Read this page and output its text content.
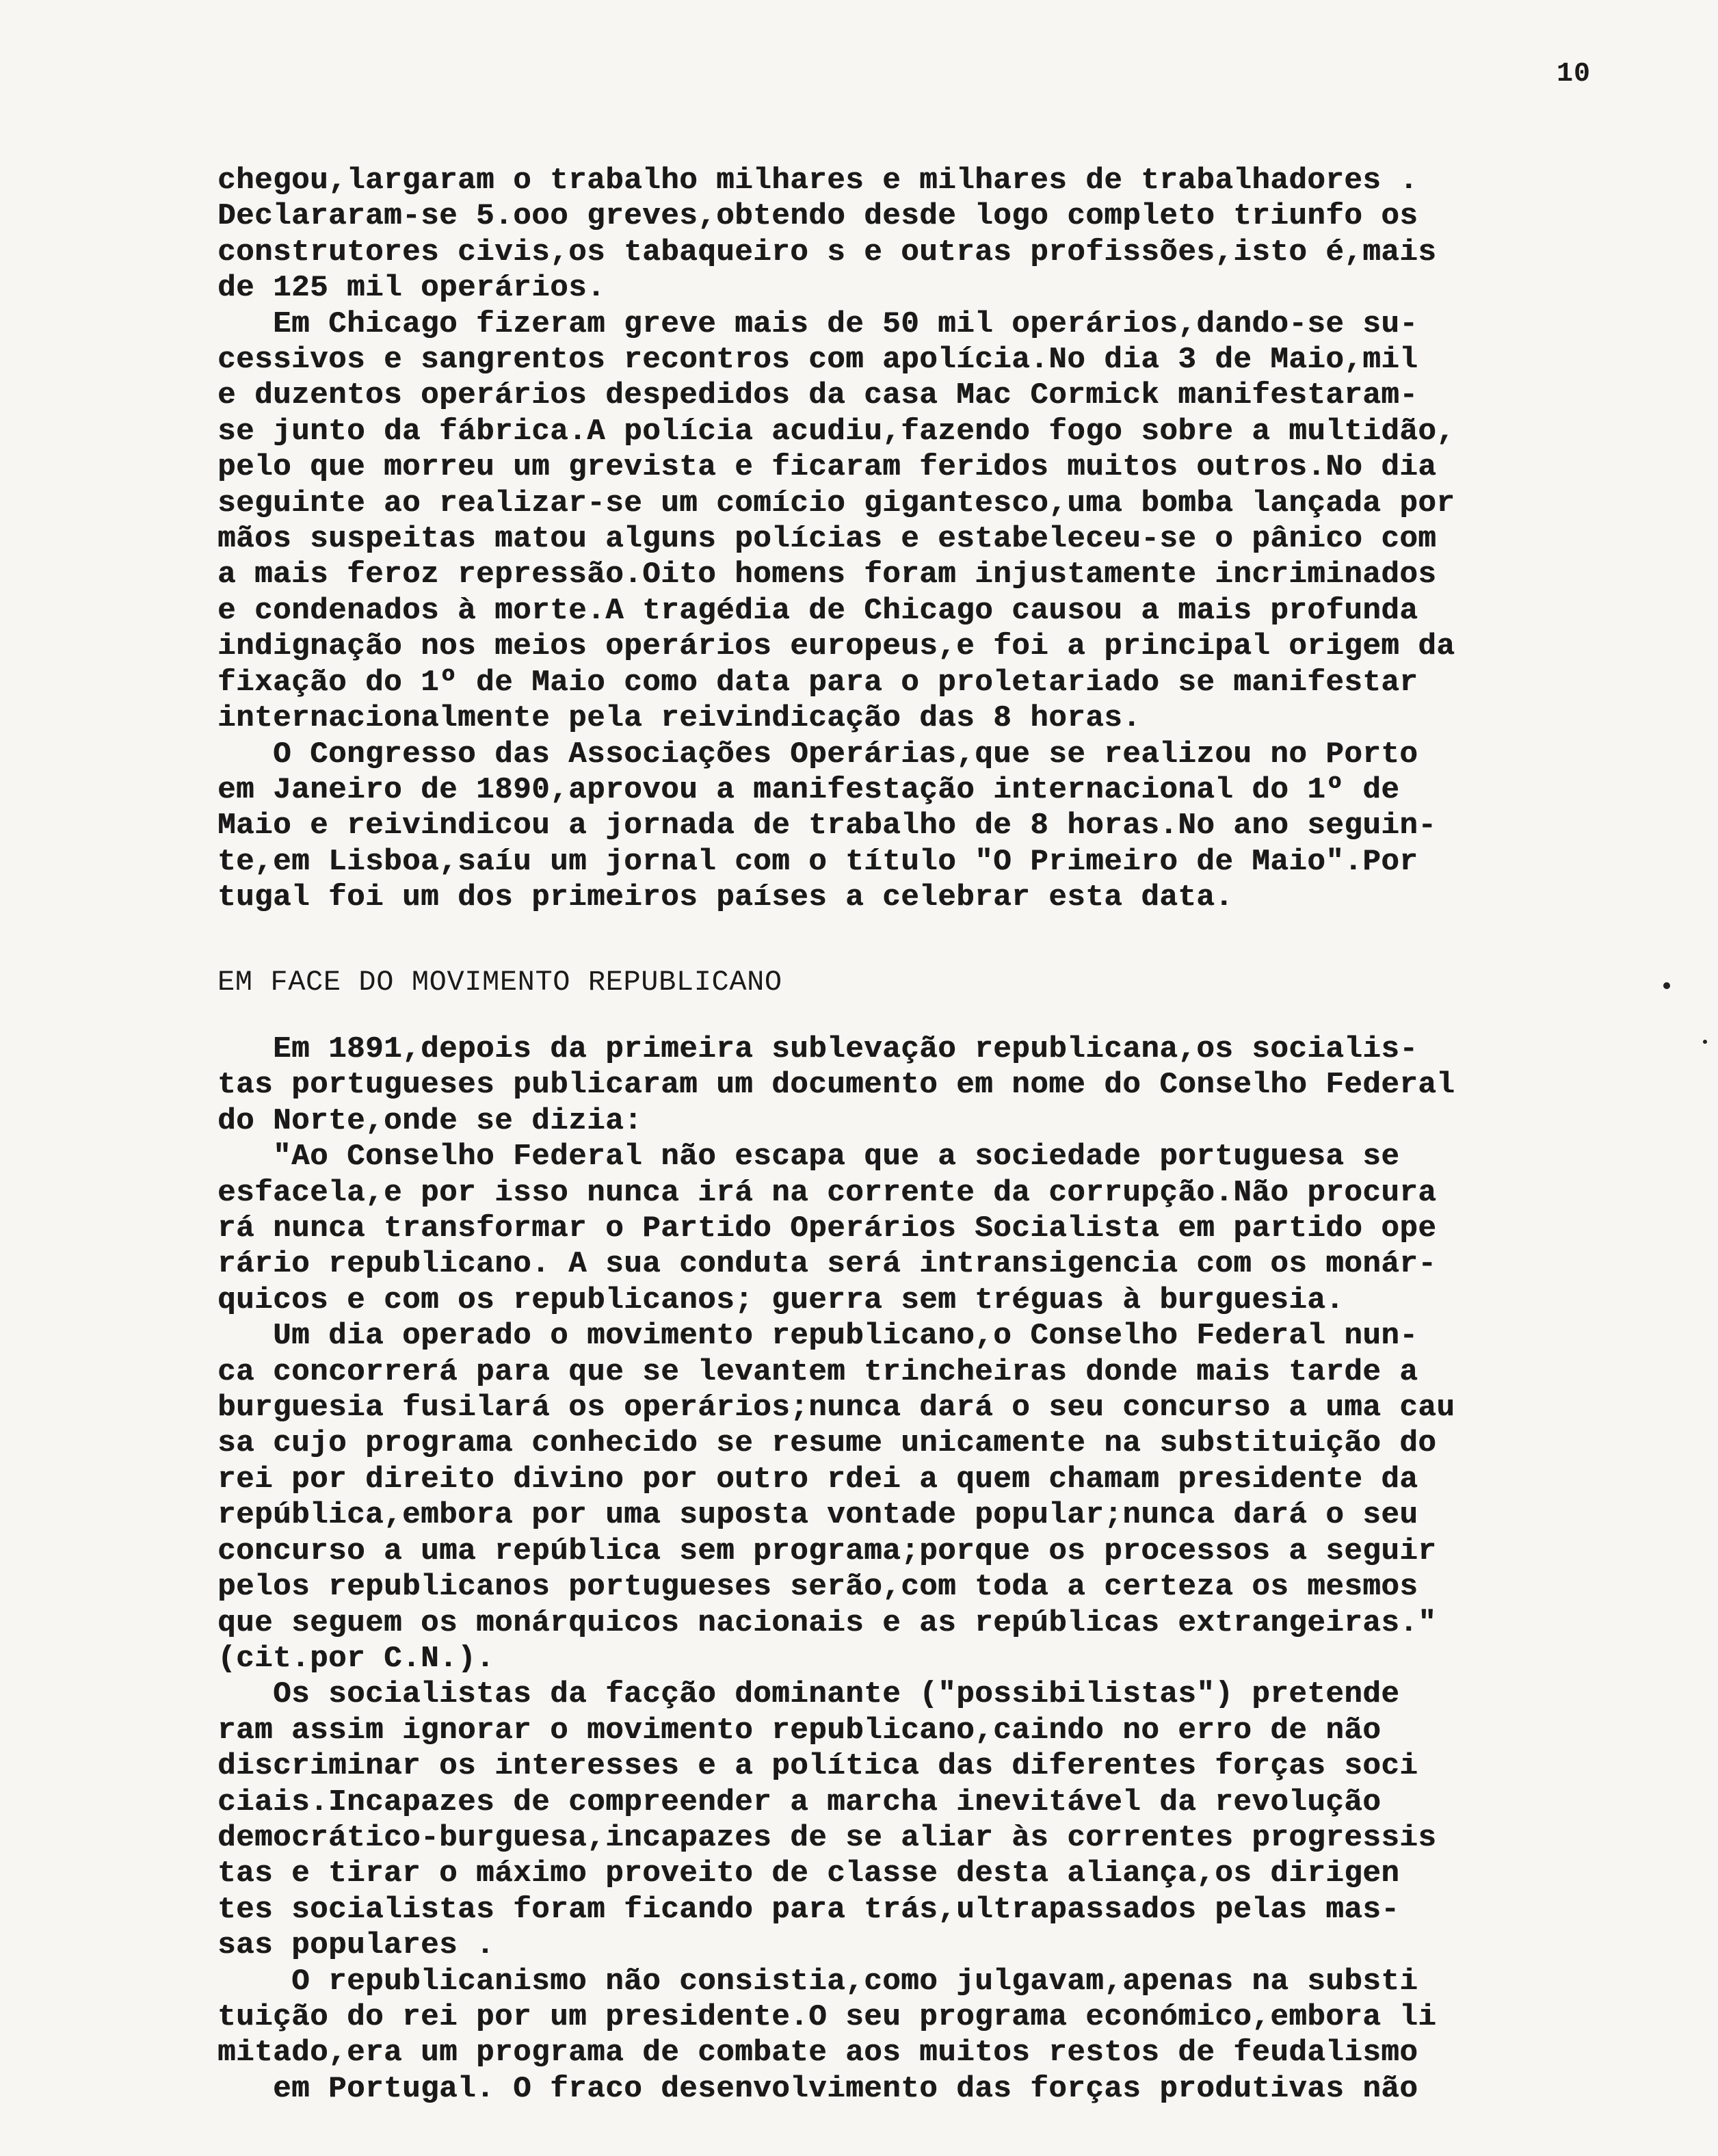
10
chegou,largaram o trabalho milhares e milhares de trabalhadores .
Declararam-se 5.ooo greves,obtendo desde logo completo triunfo os
construtores civis,os tabaqueiro s e outras profissões,isto é,mais
de 125 mil operários.
Em Chicago fizeram greve mais de 50 mil operários,dando-se su-
cessivos e sangrentos recontros com apolícia.No dia 3 de Maio,mil
e duzentos operários despedidos da casa Mac Cormick manifestaram-
se junto da fábrica.A polícia acudiu,fazendo fogo sobre a multidão,
pelo que morreu um grevista e ficaram feridos muitos outros.No dia
seguinte ao realizar-se um comício gigantesco,uma bomba lançada por
mãos suspeitas matou alguns polícias e estabeleceu-se o pânico com
a mais feroz repressão.Oito homens foram injustamente incriminados
e condenados à morte.A tragédia de Chicago causou a mais profunda
indignação nos meios operários europeus,e foi a principal origem da
fixação do 1º de Maio como data para o proletariado se manifestar
internacionalmente pela reivindicação das 8 horas.
O Congresso das Associações Operárias,que se realizou no Porto
em Janeiro de 1890,aprovou a manifestação internacional do 1º de
Maio e reivindicou a jornada de trabalho de 8 horas.No ano seguin-
te,em Lisboa,saíu um jornal com o título "O Primeiro de Maio".Por
tugal foi um dos primeiros países a celebrar esta data.
EM FACE DO MOVIMENTO REPUBLICANO
Em 1891,depois da primeira sublevação republicana,os socialis-
tas portugueses publicaram um documento em nome do Conselho Federal
do Norte,onde se dizia:
"Ao Conselho Federal não escapa que a sociedade portuguesa se
esfacela,e por isso nunca irá na corrente da corrupção.Não procura
rá nunca transformar o Partido Operários Socialista em partido ope
rário republicano. A sua conduta será intransigencia com os monár-
quicos e com os republicanos; guerra sem tréguas à burguesia.
Um dia operado o movimento republicano,o Conselho Federal nun-
ca concorrerá para que se levantem trincheiras donde mais tarde a
burguesia fusilará os operários;nunca dará o seu concurso a uma cau
sa cujo programa conhecido se resume unicamente na substituição do
rei por direito divino por outro rdei a quem chamam presidente da
república,embora por uma suposta vontade popular;nunca dará o seu
concurso a uma república sem programa;porque os processos a seguir
pelos republicanos portugueses serão,com toda a certeza os mesmos
que seguem os monárquicos nacionais e as repúblicas extrangeiras."
(cit.por C.N.).
Os socialistas da facção dominante ("possibilistas") pretende
ram assim ignorar o movimento republicano,caindo no erro de não
discriminar os interesses e a política das diferentes forças soci
ciais.Incapazes de compreender a marcha inevitável da revolução
democrático-burguesa,incapazes de se aliar às correntes progressis
tas e tirar o máximo proveito de classe desta aliança,os dirigen
tes socialistas foram ficando para trás,ultrapassados pelas mas-
sas populares .
O republicanismo não consistia,como julgavam,apenas na substi
tuição do rei por um presidente.O seu programa económico,embora li
mitado,era um programa de combate aos muitos restos de feudalismo
em Portugal. O fraco desenvolvimento das forças produtivas não
